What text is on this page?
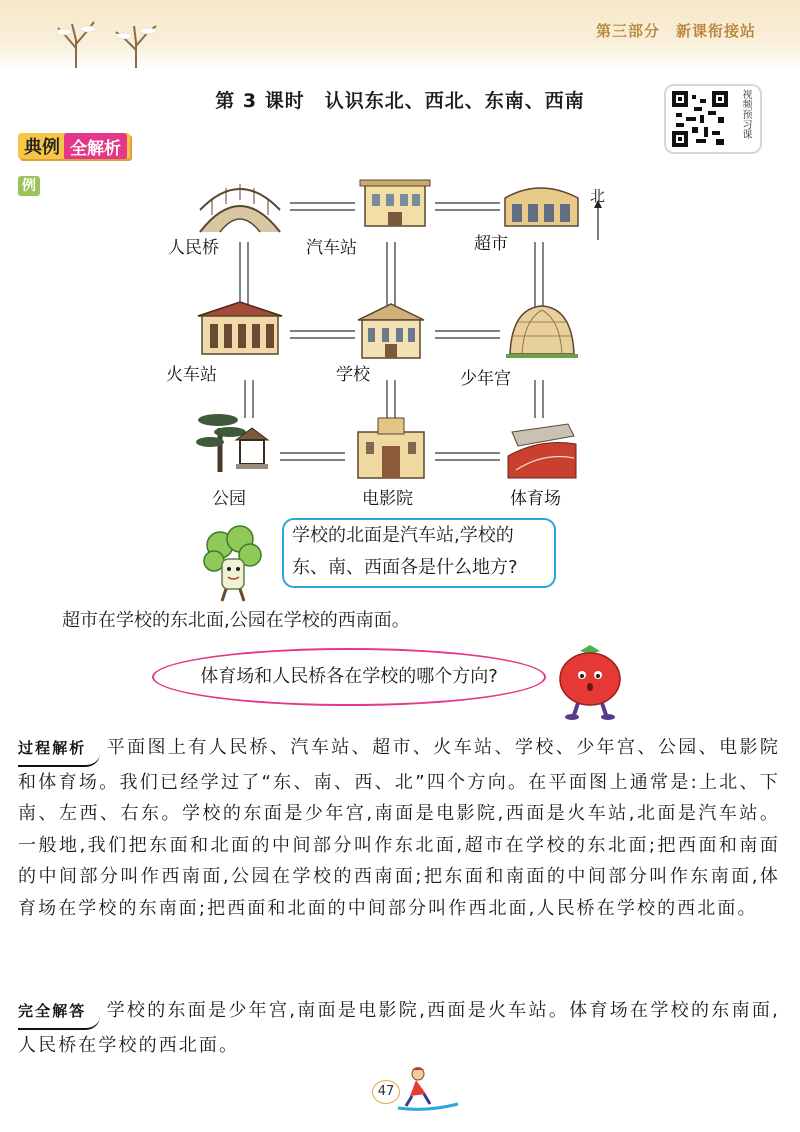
第三部分　新课衔接站
第 3 课时　认识东北、西北、东南、西南	视频预习课
典例 全解析
例
人民桥	汽车站	超市
火车站	学校	少年宫
公园	电影院	体育场
北
学校的北面是汽车站,学校的
东、南、西面各是什么地方?
超市在学校的东北面,公园在学校的西南面。
体育场和人民桥各在学校的哪个方向?
过程解析 平面图上有人民桥、汽车站、超市、火车站、学校、少年宫、公园、电影院和体育场。我们已经学过了“东、南、西、北”四个方向。在平面图上通常是:上北、下南、左西、右东。学校的东面是少年宫,南面是电影院,西面是火车站,北面是汽车站。一般地,我们把东面和北面的中间部分叫作东北面,超市在学校的东北面;把西面和南面的中间部分叫作西南面,公园在学校的西南面;把东面和南面的中间部分叫作东南面,体育场在学校的东南面;把西面和北面的中间部分叫作西北面,人民桥在学校的西北面。
完全解答 学校的东面是少年宫,南面是电影院,西面是火车站。体育场在学校的东南面,人民桥在学校的西北面。
47
